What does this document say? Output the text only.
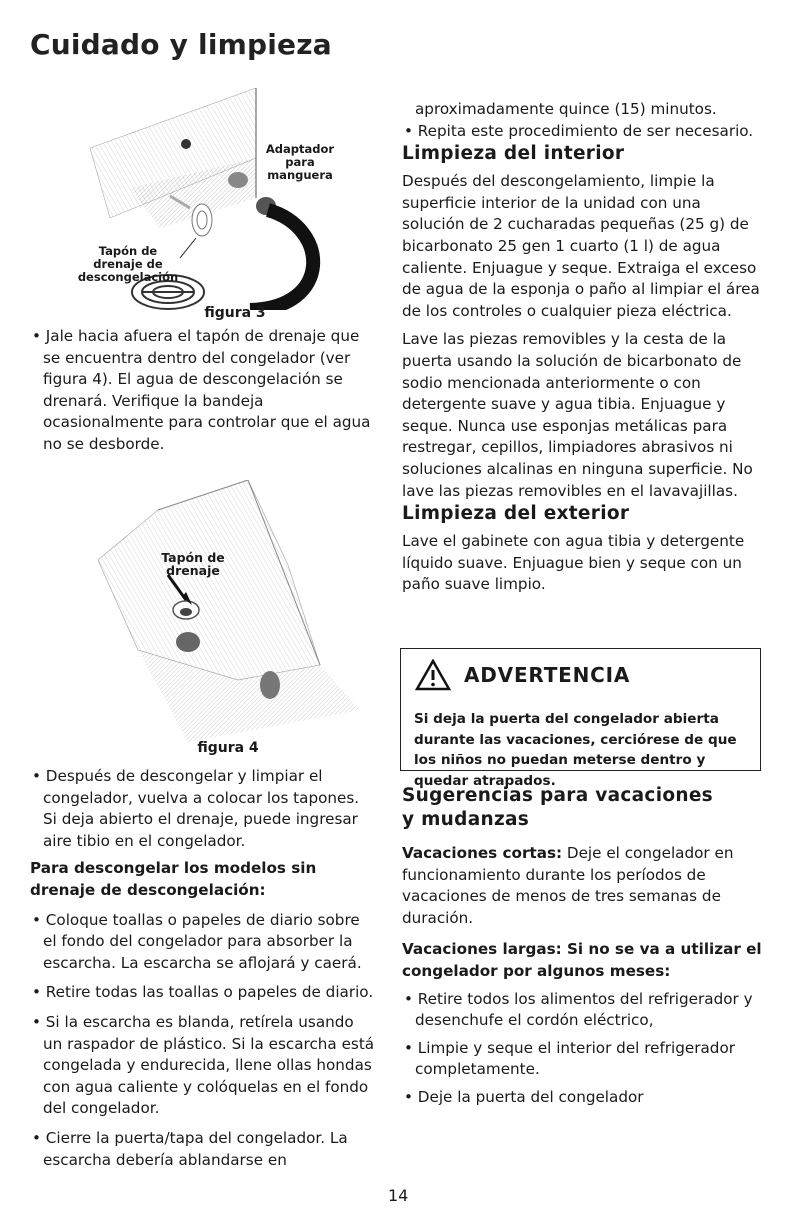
Cuidado y limpieza
Adaptador
para
manguera
Tapón de
drenaje de
descongelación
figura 3

• Jale hacia afuera el tapón de drenaje que se encuentra dentro del congelador (ver figura 4). El agua de descongelación se drenará. Verifique la bandeja ocasionalmente para controlar que el agua no se desborde.

Tapón de
drenaje
figura 4

• Después de descongelar y limpiar el congelador, vuelva a colocar los tapones. Si deja abierto el drenaje, puede ingresar aire tibio en el congelador.

Para descongelar los modelos sin drenaje de descongelación:

• Coloque toallas o papeles de diario sobre el fondo del congelador para absorber la escarcha. La escarcha se aflojará y caerá.

• Retire todas las toallas o papeles de diario.

• Si la escarcha es blanda, retírela usando un raspador de plástico. Si la escarcha está congelada y endurecida, llene ollas hondas con agua caliente y colóquelas en el fondo del congelador.

• Cierre la puerta/tapa del congelador. La escarcha debería ablandarse en

aproximadamente quince (15) minutos.

• Repita este procedimiento de ser necesario.

Limpieza del interior

Después del descongelamiento, limpie la superficie interior de la unidad con una solución de 2 cucharadas pequeñas (25 g) de bicarbonato 25 gen 1 cuarto (1 l) de agua caliente. Enjuague y seque. Extraiga el exceso de agua de la esponja o paño al limpiar el área de los controles o cualquier pieza eléctrica.

Lave las piezas removibles y la cesta de la puerta usando la solución de bicarbonato de sodio mencionada anteriormente o con detergente suave y agua tibia. Enjuague y seque. Nunca use esponjas metálicas para restregar, cepillos, limpiadores abrasivos ni soluciones alcalinas en ninguna superficie. No lave las piezas removibles en el lavavajillas.

Limpieza del exterior

Lave el gabinete con agua tibia y detergente líquido suave. Enjuague bien y seque con un paño suave limpio.

ADVERTENCIA

Si deja la puerta del congelador abierta durante las vacaciones, cerciórese de que los niños no puedan meterse dentro y quedar atrapados.

Sugerencias para vacaciones
y mudanzas

Vacaciones cortas: Deje el congelador en funcionamiento durante los períodos de vacaciones de menos de tres semanas de duración.

Vacaciones largas: Si no se va a utilizar el congelador por algunos meses:

• Retire todos los alimentos del refrigerador y desenchufe el cordón eléctrico,

• Limpie y seque el interior del refrigerador completamente.

• Deje la puerta del congelador

14
